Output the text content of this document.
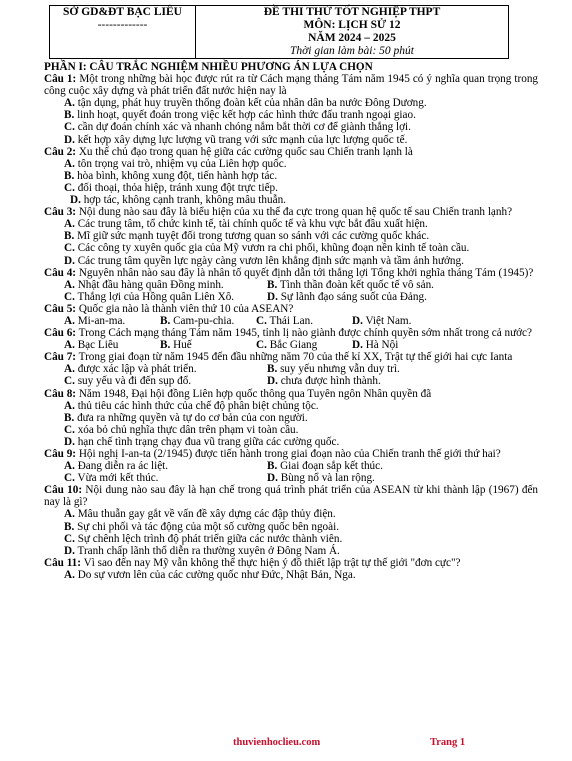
SỞ GD&ĐT BẠC LIÊU
-------------

ĐỀ THI THỬ TỐT NGHIỆP THPT
MÔN: LỊCH SỬ 12
NĂM 2024 – 2025
Thời gian làm bài: 50 phút
PHẦN I: CÂU TRẮC NGHIỆM NHIỀU PHƯƠNG ÁN LỰA CHỌN
Câu 1: Một trong những bài học được rút ra từ Cách mạng tháng Tám năm 1945 có ý nghĩa quan trọng trong công cuộc xây dựng và phát triển đất nước hiện nay là
A. tận dụng, phát huy truyền thống đoàn kết của nhân dân ba nước Đông Dương.
B. linh hoạt, quyết đoán trong việc kết hợp các hình thức đấu tranh ngoại giao.
C. cần dự đoán chính xác và nhanh chóng nắm bắt thời cơ để giành thắng lợi.
D. kết hợp xây dựng lực lượng vũ trang với sức mạnh của lực lượng quốc tế.
Câu 2: Xu thế chủ đạo trong quan hệ giữa các cường quốc sau Chiến tranh lạnh là
A. tôn trọng vai trò, nhiệm vụ của Liên hợp quốc.
B. hòa bình, không xung đột, tiến hành hợp tác.
C. đối thoại, thỏa hiệp, tránh xung đột trực tiếp.
D. hợp tác, không cạnh tranh, không mâu thuẫn.
Câu 3: Nội dung nào sau đây là biểu hiện của xu thế đa cực trong quan hệ quốc tế sau Chiến tranh lạnh?
A. Các trung tâm, tổ chức kinh tế, tài chính quốc tế và khu vực bắt đầu xuất hiện.
B. Mĩ giữ sức mạnh tuyệt đối trong tương quan so sánh với các cường quốc khác.
C. Các công ty xuyên quốc gia của Mỹ vươn ra chi phối, khũng đoạn nền kinh tế toàn cầu.
D. Các trung tâm quyền lực ngày càng vươn lên khẳng định sức mạnh và tầm ảnh hưởng.
Câu 4: Nguyên nhân nào sau đây là nhân tố quyết định dẫn tới thắng lợi Tổng khởi nghĩa tháng Tám (1945)?
A. Nhật đầu hàng quân Đồng minh.	B. Tình thần đoàn kết quốc tế vô sản.
C. Thắng lợi của Hồng quân Liên Xô.	D. Sự lãnh đạo sáng suốt của Đảng.
Câu 5: Quốc gia nào là thành viên thứ 10 của ASEAN?
A. Mi-an-ma.	B. Cam-pu-chia.	C. Thái Lan.	D. Việt Nam.
Câu 6: Trong Cách mạng tháng Tám năm 1945, tỉnh lị nào giành được chính quyền sớm nhất trong cả nước?
A. Bạc Liêu	B. Huế	C. Bắc Giang	D. Hà Nội
Câu 7: Trong giai đoạn từ năm 1945 đến đầu những năm 70 của thế kỉ XX, Trật tự thế giới hai cực Ianta
A. được xác lập và phát triển.	B. suy yếu nhưng vẫn duy trì.
C. suy yếu và đi đến sụp đổ.	D. chưa được hình thành.
Câu 8: Năm 1948, Đại hội đồng Liên hợp quốc thông qua Tuyên ngôn Nhân quyền đã
A. thủ tiêu các hình thức của chế độ phân biệt chủng tộc.
B. đưa ra những quyền và tự do cơ bản của con người.
C. xóa bỏ chủ nghĩa thực dân trên phạm vi toàn cầu.
D. hạn chế tình trạng chạy đua vũ trang giữa các cường quốc.
Câu 9: Hội nghị I-an-ta (2/1945) được tiến hành trong giai đoạn nào của Chiến tranh thế giới thứ hai?
A. Đang diễn ra ác liệt.	B. Giai đoạn sắp kết thúc.
C. Vừa mới kết thúc.	D. Bùng nổ và lan rộng.
Câu 10: Nội dung nào sau đây là hạn chế trong quá trình phát triển của ASEAN từ khi thành lập (1967) đến nay là gì?
A. Mâu thuẫn gay gắt về vấn đề xây dựng các đập thủy điện.
B. Sự chi phối và tác động của một số cường quốc bên ngoài.
C. Sự chênh lệch trình độ phát triển giữa các nước thành viên.
D. Tranh chấp lãnh thổ diễn ra thường xuyên ở Đông Nam Á.
Câu 11: Vì sao đến nay Mỹ vẫn không thể thực hiện ý đồ thiết lập trật tự thế giới "đơn cực"?
A. Do sự vươn lên của các cường quốc như Đức, Nhật Bản, Nga.
thuvienhoclieu.com	Trang 1
